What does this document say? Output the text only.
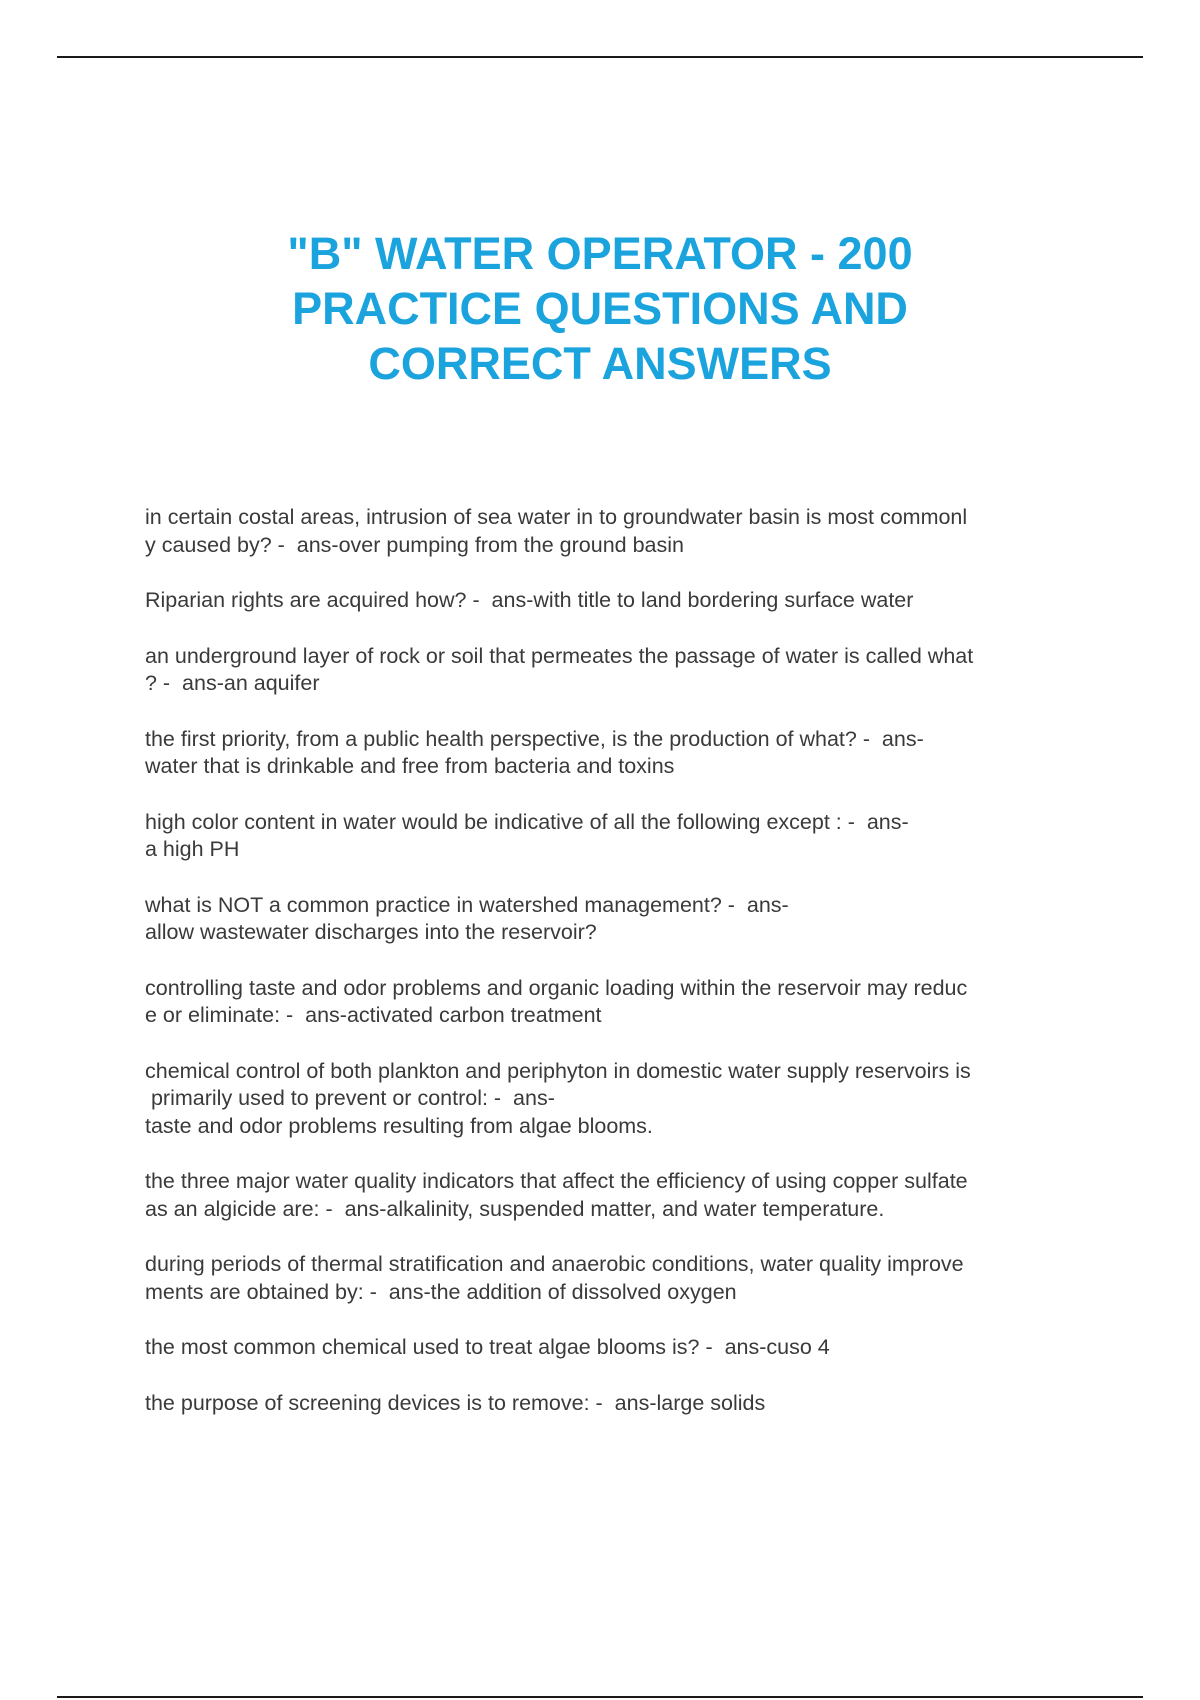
"B" WATER OPERATOR - 200
PRACTICE QUESTIONS AND
CORRECT ANSWERS
in certain costal areas, intrusion of sea water in to groundwater basin is most commonl
y caused by? -  ans-over pumping from the ground basin
Riparian rights are acquired how? -  ans-with title to land bordering surface water
an underground layer of rock or soil that permeates the passage of water is called what
? -  ans-an aquifer
the first priority, from a public health perspective, is the production of what? -  ans-
water that is drinkable and free from bacteria and toxins
high color content in water would be indicative of all the following except : -  ans-
a high PH
what is NOT a common practice in watershed management? -  ans-
allow wastewater discharges into the reservoir?
controlling taste and odor problems and organic loading within the reservoir may reduc
e or eliminate: -  ans-activated carbon treatment
chemical control of both plankton and periphyton in domestic water supply reservoirs is
primarily used to prevent or control: -  ans-
taste and odor problems resulting from algae blooms.
the three major water quality indicators that affect the efficiency of using copper sulfate
as an algicide are: -  ans-alkalinity, suspended matter, and water temperature.
during periods of thermal stratification and anaerobic conditions, water quality improve
ments are obtained by: -  ans-the addition of dissolved oxygen
the most common chemical used to treat algae blooms is? -  ans-cuso 4
the purpose of screening devices is to remove: -  ans-large solids
